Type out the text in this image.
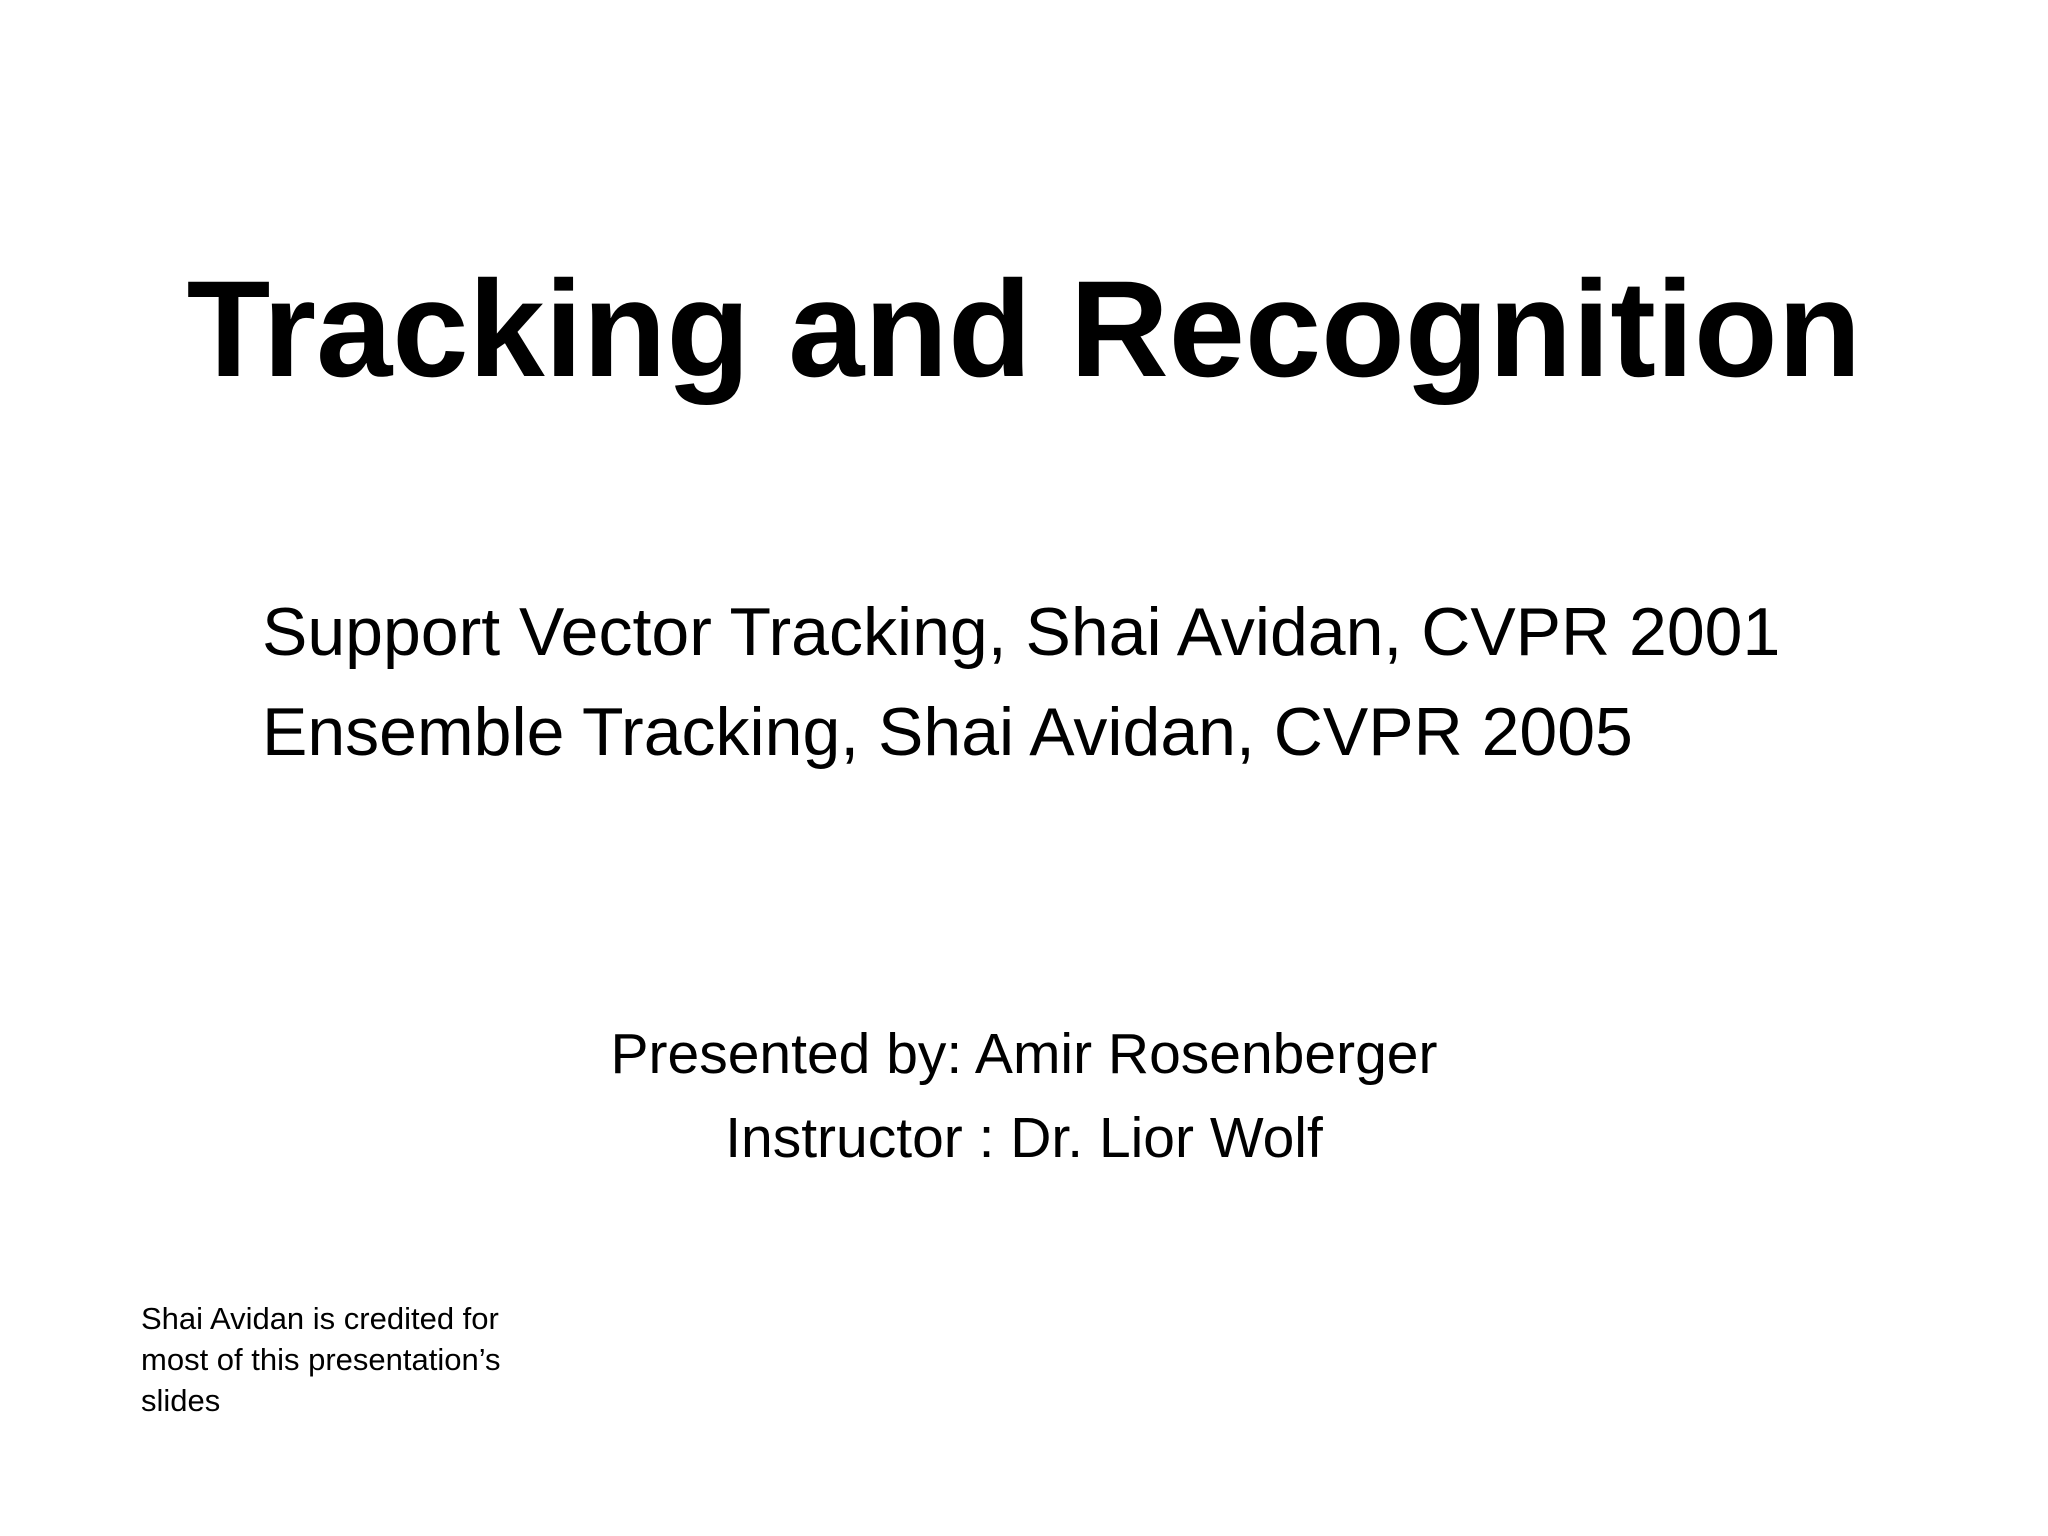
Tracking and Recognition
Support Vector Tracking, Shai Avidan, CVPR 2001
Ensemble Tracking, Shai Avidan, CVPR 2005
Presented by: Amir Rosenberger
Instructor : Dr. Lior Wolf
Shai Avidan is credited for most of this presentation’s slides
